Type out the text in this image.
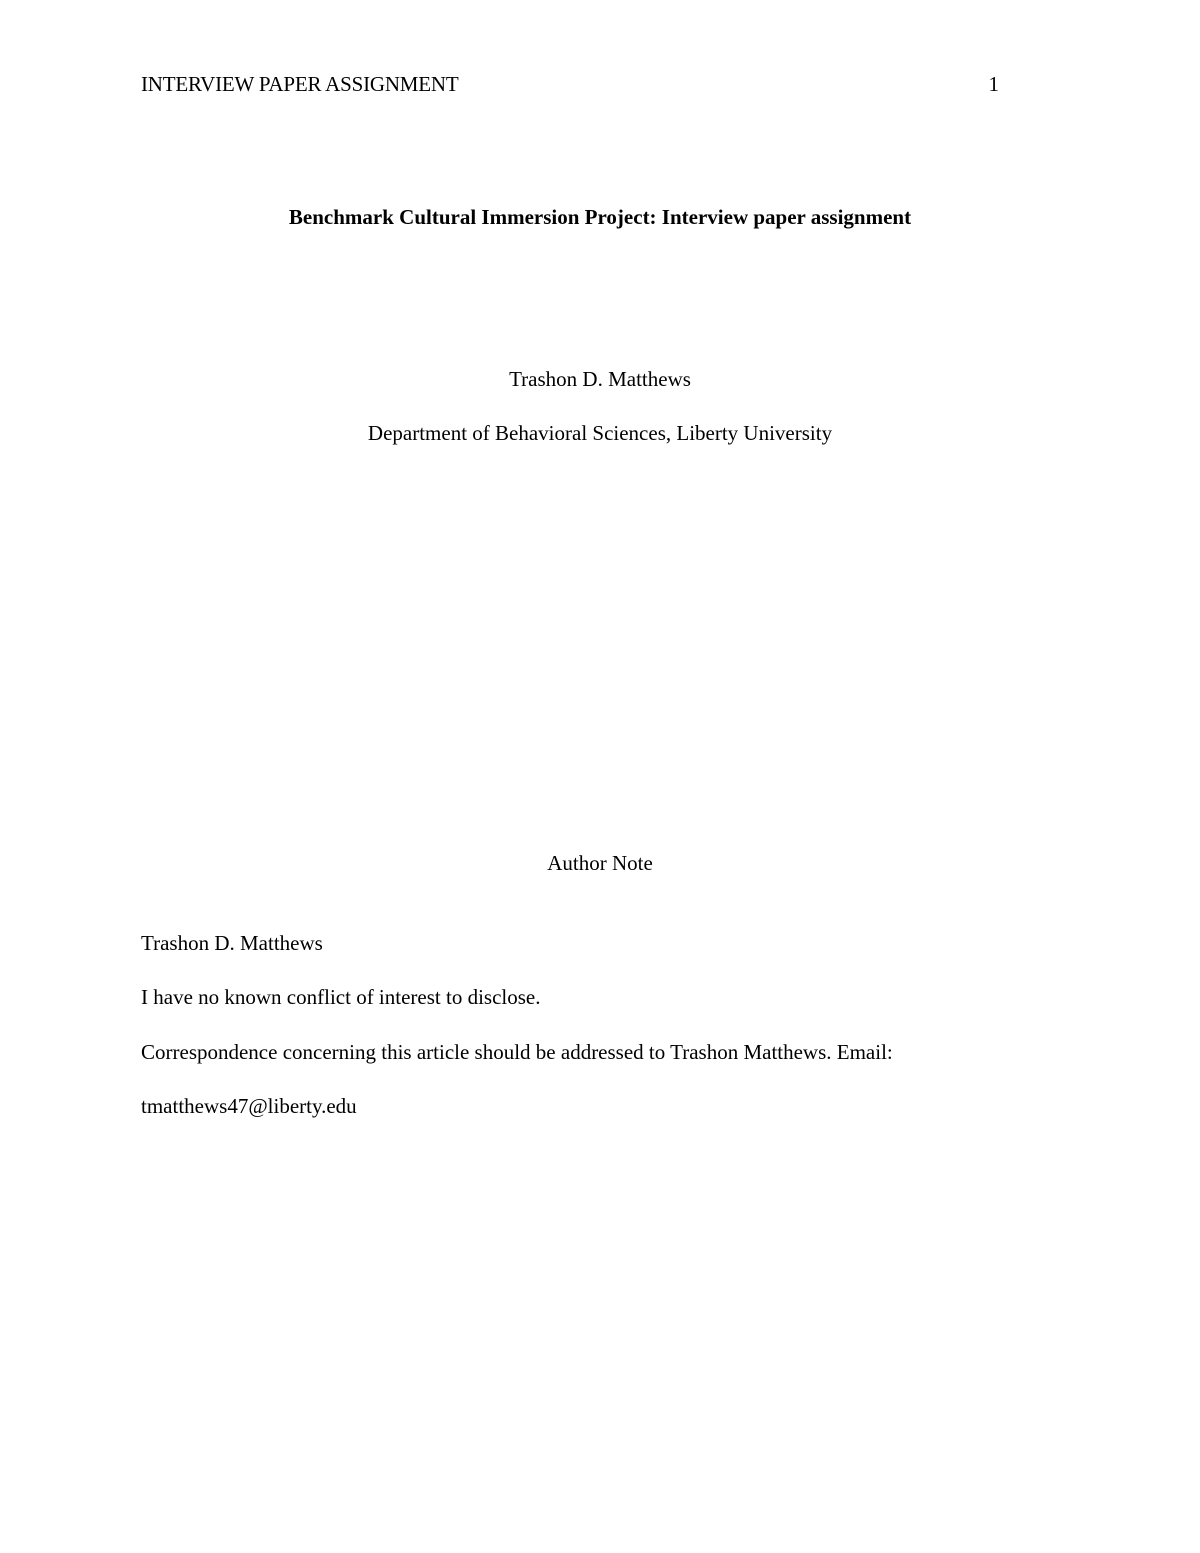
INTERVIEW PAPER ASSIGNMENT	1
Benchmark Cultural Immersion Project: Interview paper assignment
Trashon D. Matthews
Department of Behavioral Sciences, Liberty University
Author Note
Trashon D. Matthews
I have no known conflict of interest to disclose.
Correspondence concerning this article should be addressed to Trashon Matthews. Email:
tmatthews47@liberty.edu
